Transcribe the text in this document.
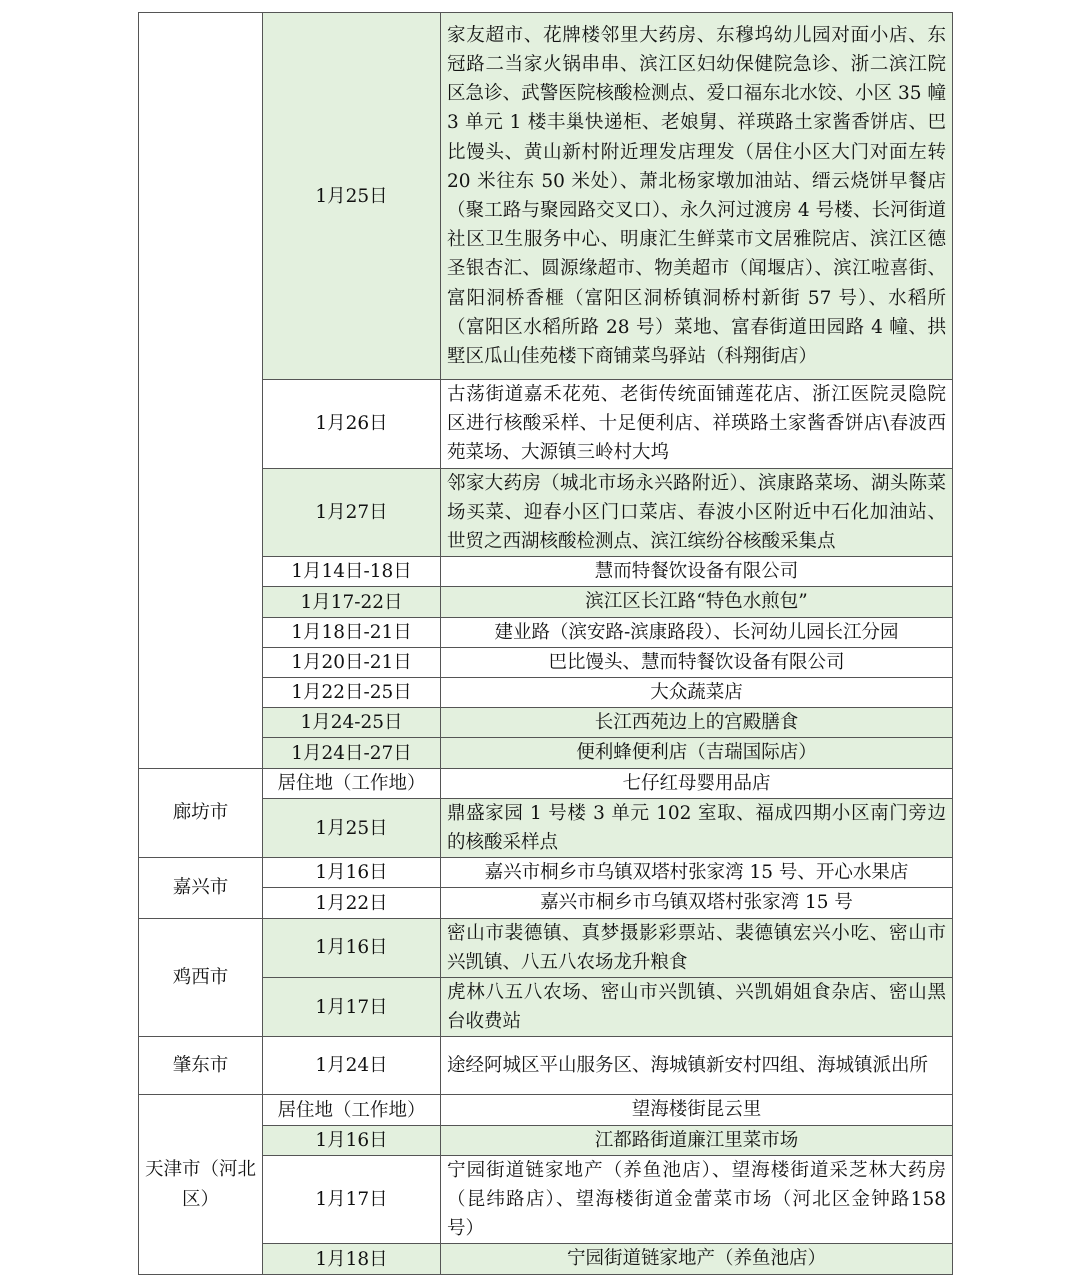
	1月25日	家友超市、花牌楼邻里大药房、东穆坞幼儿园对面小店、东冠路二当家火锅串串、滨江区妇幼保健院急诊、浙二滨江院区急诊、武警医院核酸检测点、爱口福东北水饺、小区 35 幢 3 单元 1 楼丰巢快递柜、老娘舅、祥瑛路土家酱香饼店、巴比馒头、黄山新村附近理发店理发（居住小区大门对面左转 20 米往东 50 米处）、萧北杨家墩加油站、缙云烧饼早餐店（聚工路与聚园路交叉口）、永久河过渡房 4 号楼、长河街道社区卫生服务中心、明康汇生鲜菜市文居雅院店、滨江区德圣银杏汇、圆源缘超市、物美超市（闻堰店）、滨江啦喜街、富阳洞桥香榧（富阳区洞桥镇洞桥村新街 57 号）、水稻所（富阳区水稻所路 28 号）菜地、富春街道田园路 4 幢、拱墅区瓜山佳苑楼下商铺菜鸟驿站（科翔街店）
	1月26日	古荡街道嘉禾花苑、老街传统面铺莲花店、浙江医院灵隐院区进行核酸采样、十足便利店、祥瑛路土家酱香饼店\春波西苑菜场、大源镇三岭村大坞
	1月27日	邻家大药房（城北市场永兴路附近）、滨康路菜场、湖头陈菜场买菜、迎春小区门口菜店、春波小区附近中石化加油站、世贸之西湖核酸检测点、滨江缤纷谷核酸采集点
	1月14日-18日	慧而特餐饮设备有限公司
	1月17-22日	滨江区长江路“特色水煎包”
	1月18日-21日	建业路（滨安路-滨康路段）、长河幼儿园长江分园
	1月20日-21日	巴比馒头、慧而特餐饮设备有限公司
	1月22日-25日	大众蔬菜店
	1月24-25日	长江西苑边上的宫殿膳食
	1月24日-27日	便利蜂便利店（吉瑞国际店）
廊坊市	居住地（工作地）	七仔红母婴用品店
	1月25日	鼎盛家园 1 号楼 3 单元 102 室取、福成四期小区南门旁边的核酸采样点
嘉兴市	1月16日	嘉兴市桐乡市乌镇双塔村张家湾 15 号、开心水果店
	1月22日	嘉兴市桐乡市乌镇双塔村张家湾 15 号
鸡西市	1月16日	密山市裴德镇、真梦摄影彩票站、裴德镇宏兴小吃、密山市兴凯镇、八五八农场龙升粮食
	1月17日	虎林八五八农场、密山市兴凯镇、兴凯娟姐食杂店、密山黑台收费站
肇东市	1月24日	途经阿城区平山服务区、海城镇新安村四组、海城镇派出所
天津市（河北区）	居住地（工作地）	望海楼街昆云里
	1月16日	江都路街道廉江里菜市场
	1月17日	宁园街道链家地产（养鱼池店）、望海楼街道采芝林大药房（昆纬路店）、望海楼街道金蕾菜市场（河北区金钟路158 号）
	1月18日	宁园街道链家地产（养鱼池店）
